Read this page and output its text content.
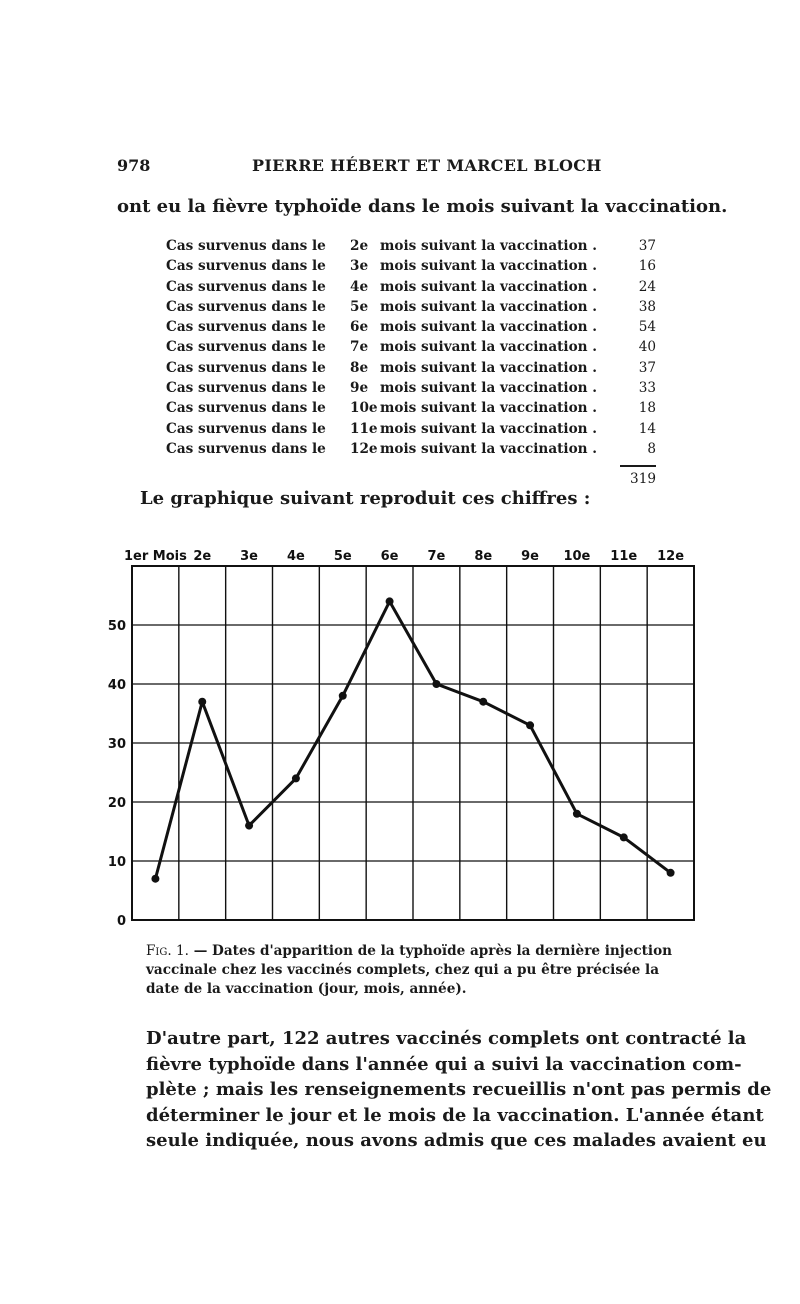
978	PIERRE HÉBERT ET MARCEL BLOCH
ont eu la fièvre typhoïde dans le mois suivant la vaccination.
Cas survenus dans le 2e mois suivant la vaccination .	37
Cas survenus dans le 3e mois suivant la vaccination .	16
Cas survenus dans le 4e mois suivant la vaccination .	24
Cas survenus dans le 5e mois suivant la vaccination .	38
Cas survenus dans le 6e mois suivant la vaccination .	54
Cas survenus dans le 7e mois suivant la vaccination .	40
Cas survenus dans le 8e mois suivant la vaccination .	37
Cas survenus dans le 9e mois suivant la vaccination .	33
Cas survenus dans le 10e mois suivant la vaccination .	18
Cas survenus dans le 11e mois suivant la vaccination .	14
Cas survenus dans le 12e mois suivant la vaccination .	8
319
Le graphique suivant reproduit ces chiffres :
0
10
20
30
40
50
1er Mois 2e 3e 4e 5e 6e 7e 8e 9e 10e 11e 12e
Fig. 1. — Dates d'apparition de la typhoïde après la dernière injection
vaccinale chez les vaccinés complets, chez qui a pu être précisée la
date de la vaccination (jour, mois, année).
D'autre part, 122 autres vaccinés complets ont contracté la
fièvre typhoïde dans l'année qui a suivi la vaccination com-
plète ; mais les renseignements recueillis n'ont pas permis de
déterminer le jour et le mois de la vaccination. L'année étant
seule indiquée, nous avons admis que ces malades avaient eu
